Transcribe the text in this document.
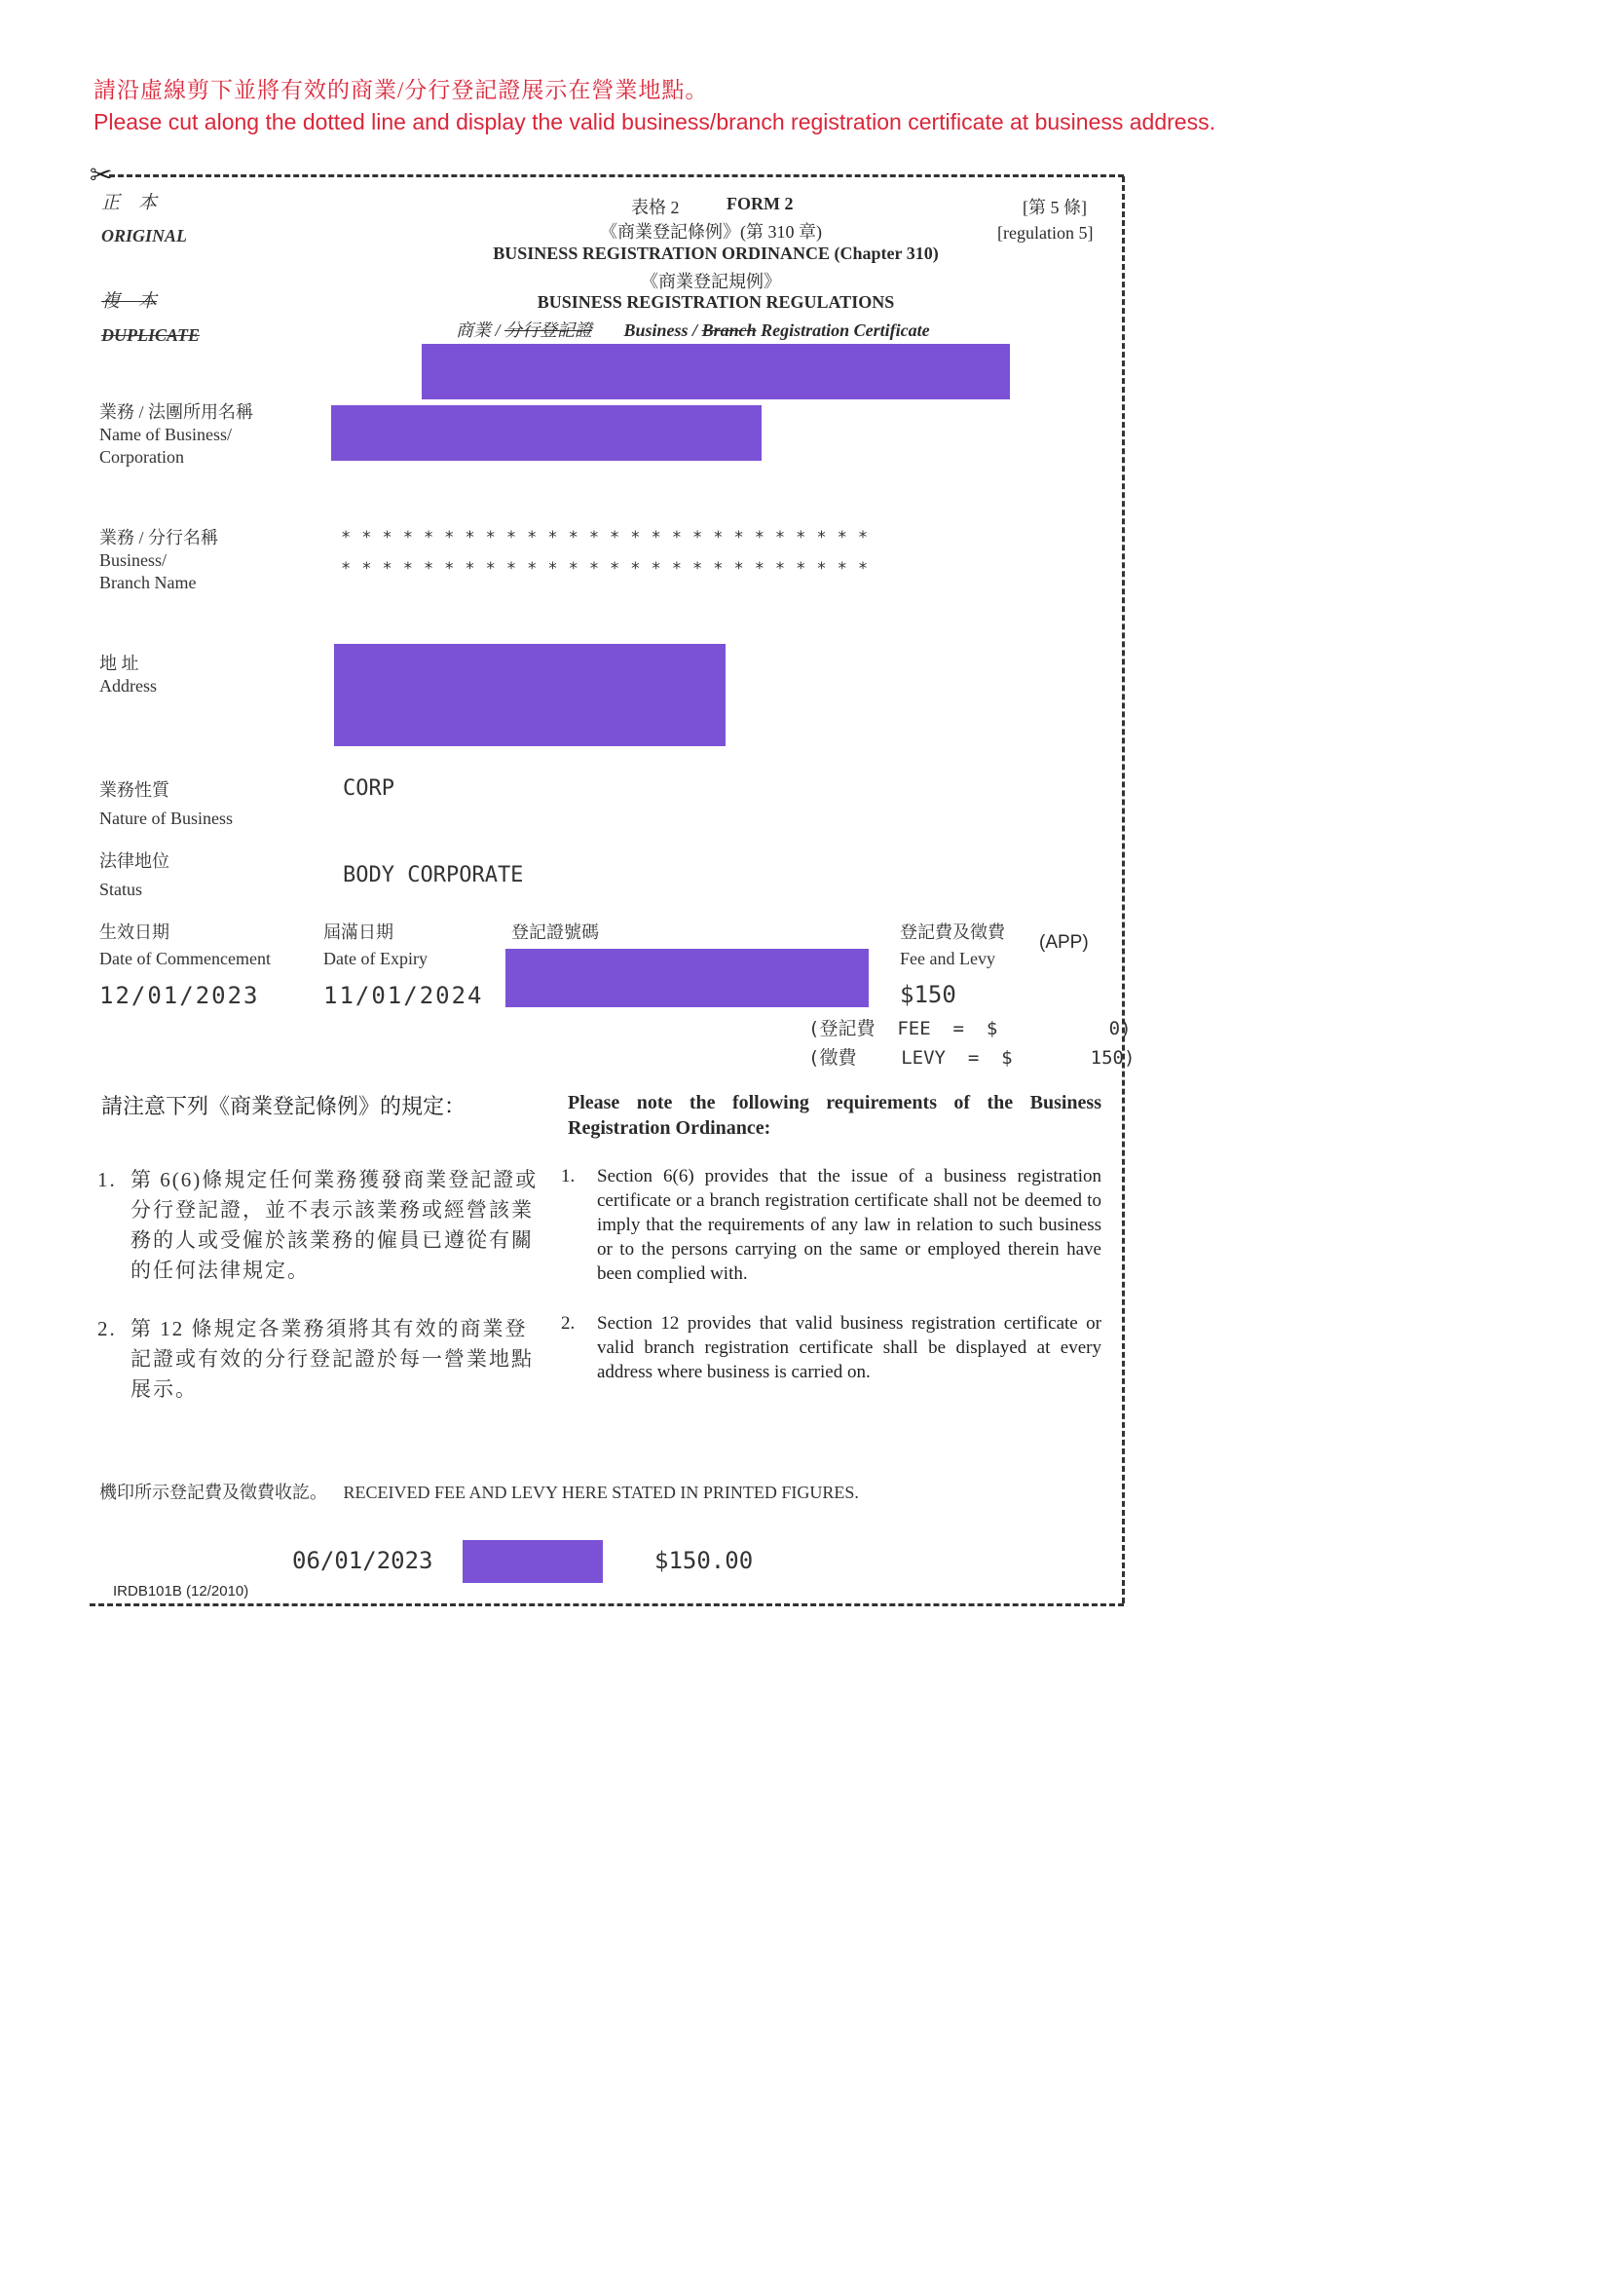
請沿虛線剪下並將有效的商業/分行登記證展示在營業地點。
Please cut along the dotted line and display the valid business/branch registration certificate at business address.
✂
正　本
ORIGINAL
複　本
DUPLICATE
表格 2	FORM 2	[第 5 條]
[regulation 5]
《商業登記條例》(第 310 章)
BUSINESS REGISTRATION ORDINANCE (Chapter 310)
《商業登記規例》
BUSINESS REGISTRATION REGULATIONS
商業 / 分行登記證 Business / Branch Registration Certificate
業務 / 法團所用名稱
Name of Business/
Corporation
業務 / 分行名稱
Business/
Branch Name
**************************
**************************
地 址
Address
業務性質
Nature of Business
CORP
法律地位
Status
BODY CORPORATE
生效日期
Date of Commencement
12/01/2023
屆滿日期
Date of Expiry
11/01/2024
登記證號碼	登記費及徵費
Fee and Levy
(APP)
$150
(登記費  FEE  =  $          0)
(徵費    LEVY  =  $       150)
請注意下列《商業登記條例》的規定：	Please note the following requirements of the Business Registration Ordinance:
1. 第 6(6)條規定任何業務獲發商業登記證或分行登記證，並不表示該業務或經營該業務的人或受僱於該業務的僱員已遵從有關的任何法律規定。
1. Section 6(6) provides that the issue of a business registration certificate or a branch registration certificate shall not be deemed to imply that the requirements of any law in relation to such business or to the persons carrying on the same or employed therein have been complied with.
2. 第 12 條規定各業務須將其有效的商業登記證或有效的分行登記證於每一營業地點展示。
2. Section 12 provides that valid business registration certificate or valid branch registration certificate shall be displayed at every address where business is carried on.
機印所示登記費及徵費收訖。 RECEIVED FEE AND LEVY HERE STATED IN PRINTED FIGURES.
06/01/2023	$150.00
IRDB101B (12/2010)
